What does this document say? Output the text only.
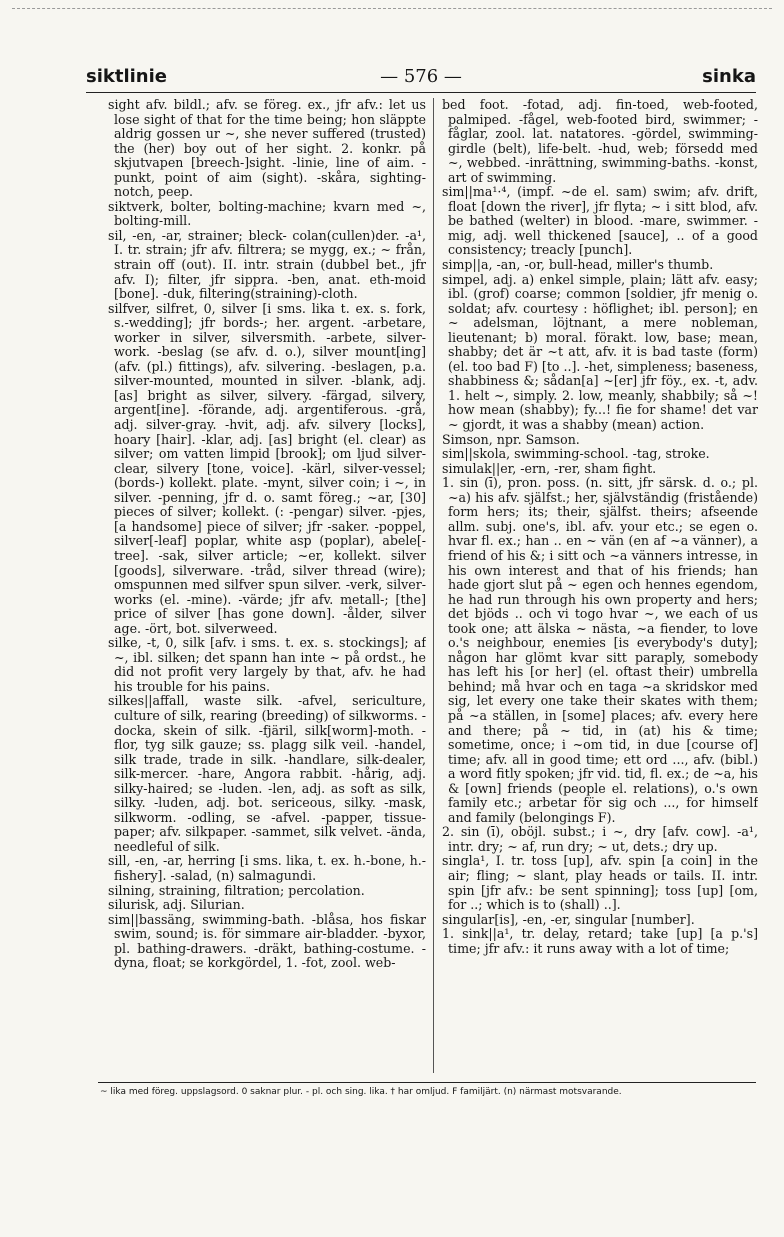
siktlinie	— 576 —	sinka

sight afv. bildl.; afv. se föreg. ex., jfr afv.: let us lose sight of that for the time being; hon släppte aldrig gossen ur ~, she never suffered (trusted) the (her) boy out of her sight. 2. konkr. på skjutvapen [breech-]sight. -linie, line of aim. -punkt, point of aim (sight). -skåra, sighting-notch, peep.

siktverk, bolter, bolting-machine; kvarn med ~, bolting-mill.

sil, -en, -ar, strainer; bleck- colan(cullen)der. -a¹, I. tr. strain; jfr afv. filtrera; se mygg, ex.; ~ från, strain off (out). II. intr. strain (dubbel bet., jfr afv. I); filter, jfr sippra. -ben, anat. eth-moid [bone]. -duk, filtering(straining)-cloth.

silfver, silfret, 0, silver [i sms. lika t. ex. s. fork, s.-wedding]; jfr bords-; her. argent. -arbetare, worker in silver, silversmith. -arbete, silver-work. -beslag (se afv. d. o.), silver mount[ing] (afv. (pl.) fittings), afv. silvering. -beslagen, p.a. silver-mounted, mounted in silver. -blank, adj. [as] bright as silver, silvery. -färgad, silvery, argent[ine]. -förande, adj. argentiferous. -grå, adj. silver-gray. -hvit, adj. afv. silvery [locks], hoary [hair]. -klar, adj. [as] bright (el. clear) as silver; om vatten limpid [brook]; om ljud silver-clear, silvery [tone, voice]. -kärl, silver-vessel; (bords-) kollekt. plate. -mynt, silver coin; i ~, in silver. -penning, jfr d. o. samt föreg.; ~ar, [30] pieces of silver; kollekt. (: -pengar) silver. -pjes, [a handsome] piece of silver; jfr -saker. -poppel, silver[-leaf] poplar, white asp (poplar), abele[-tree]. -sak, silver article; ~er, kollekt. silver [goods], silverware. -tråd, silver thread (wire); omspunnen med silfver spun silver. -verk, silver-works (el. -mine). -värde; jfr afv. metall-; [the] price of silver [has gone down]. -ålder, silver age. -ört, bot. silverweed.

silke, -t, 0, silk [afv. i sms. t. ex. s. stockings]; af ~, ibl. silken; det spann han inte ~ på ordst., he did not profit very largely by that, afv. he had his trouble for his pains.

silkes||affall, waste silk. -afvel, sericulture, culture of silk, rearing (breeding) of silkworms. -docka, skein of silk. -fjäril, silk[worm]-moth. -flor, tyg silk gauze; ss. plagg silk veil. -handel, silk trade, trade in silk. -handlare, silk-dealer, silk-mercer. -hare, Angora rabbit. -hårig, adj. silky-haired; se -luden. -len, adj. as soft as silk, silky. -luden, adj. bot. sericeous, silky. -mask, silkworm. -odling, se -afvel. -papper, tissue-paper; afv. silkpaper. -sammet, silk velvet. -ända, needleful of silk.

sill, -en, -ar, herring [i sms. lika, t. ex. h.-bone, h.-fishery]. -salad, (n) salmagundi.

silning, straining, filtration; percolation.

silurisk, adj. Silurian.

sim||bassäng, swimming-bath. -blåsa, hos fiskar swim, sound; is. för simmare air-bladder. -byxor, pl. bathing-drawers. -dräkt, bathing-costume. -dyna, float; se korkgördel, 1. -fot, zool. web-

bed foot. -fotad, adj. fin-toed, web-footed, palmiped. -fågel, web-footed bird, swimmer; -fåglar, zool. lat. natatores. -gördel, swimming-girdle (belt), life-belt. -hud, web; försedd med ~, webbed. -inrättning, swimming-baths. -konst, art of swimming.

sim||ma¹·⁴, (impf. ~de el. sam) swim; afv. drift, float [down the river], jfr flyta; ~ i sitt blod, afv. be bathed (welter) in blood. -mare, swimmer. -mig, adj. well thickened [sauce], .. of a good consistency; treacly [punch].

simp||a, -an, -or, bull-head, miller's thumb.

simpel, adj. a) enkel simple, plain; lätt afv. easy; ibl. (grof) coarse; common [soldier, jfr menig o. soldat; afv. courtesy : höflighet; ibl. person]; en ~ adelsman, löjtnant, a mere nobleman, lieutenant; b) moral. förakt. low, base; mean, shabby; det är ~t att, afv. it is bad taste (form) (el. too bad F) [to ..]. -het, simpleness; baseness, shabbiness &; sådan[a] ~[er] jfr föy., ex. -t, adv. 1. helt ~, simply. 2. low, meanly, shabbily; så ~! how mean (shabby); fy...! fie for shame! det var ~ gjordt, it was a shabby (mean) action.

Simson, npr. Samson.

sim||skola, swimming-school. -tag, stroke.

simulak||er, -ern, -rer, sham fight.

1. sin (ī), pron. poss. (n. sitt, jfr särsk. d. o.; pl. ~a) his afv. själfst.; her, självständig (fristående) form hers; its; their, själfst. theirs; afseende allm. subj. one's, ibl. afv. your etc.; se egen o. hvar fl. ex.; han .. en ~ vän (en af ~a vänner), a friend of his &; i sitt och ~a vänners intresse, in his own interest and that of his friends; han hade gjort slut på ~ egen och hennes egendom, he had run through his own property and hers; det bjöds .. och vi togo hvar ~, we each of us took one; att älska ~ nästa, ~a fiender, to love o.'s neighbour, enemies [is everybody's duty]; någon har glömt kvar sitt paraply, somebody has left his [or her] (el. oftast their) umbrella behind; må hvar och en taga ~a skridskor med sig, let every one take their skates with them; på ~a ställen, in [some] places; afv. every here and there; på ~ tid, in (at) his & time; sometime, once; i ~om tid, in due [course of] time; afv. all in good time; ett ord ..., afv. (bibl.) a word fitly spoken; jfr vid. tid, fl. ex.; de ~a, his & [own] friends (people el. relations), o.'s own family etc.; arbetar för sig och ..., for himself and family (belongings F).

2. sin (ī), oböjl. subst.; i ~, dry [afv. cow]. -a¹, intr. dry; ~ af, run dry; ~ ut, dets.; dry up.

singla¹, I. tr. toss [up], afv. spin [a coin] in the air; fling; ~ slant, play heads or tails. II. intr. spin [jfr afv.: be sent spinning]; toss [up] [om, for ..; which is to (shall) ..].

singular[is], -en, -er, singular [number].

1. sink||a¹, tr. delay, retard; take [up] [a p.'s] time; jfr afv.: it runs away with a lot of time;

~ lika med föreg. uppslagsord. 0 saknar plur. - pl. och sing. lika. † har omljud. F familjärt. (n) närmast motsvarande.
